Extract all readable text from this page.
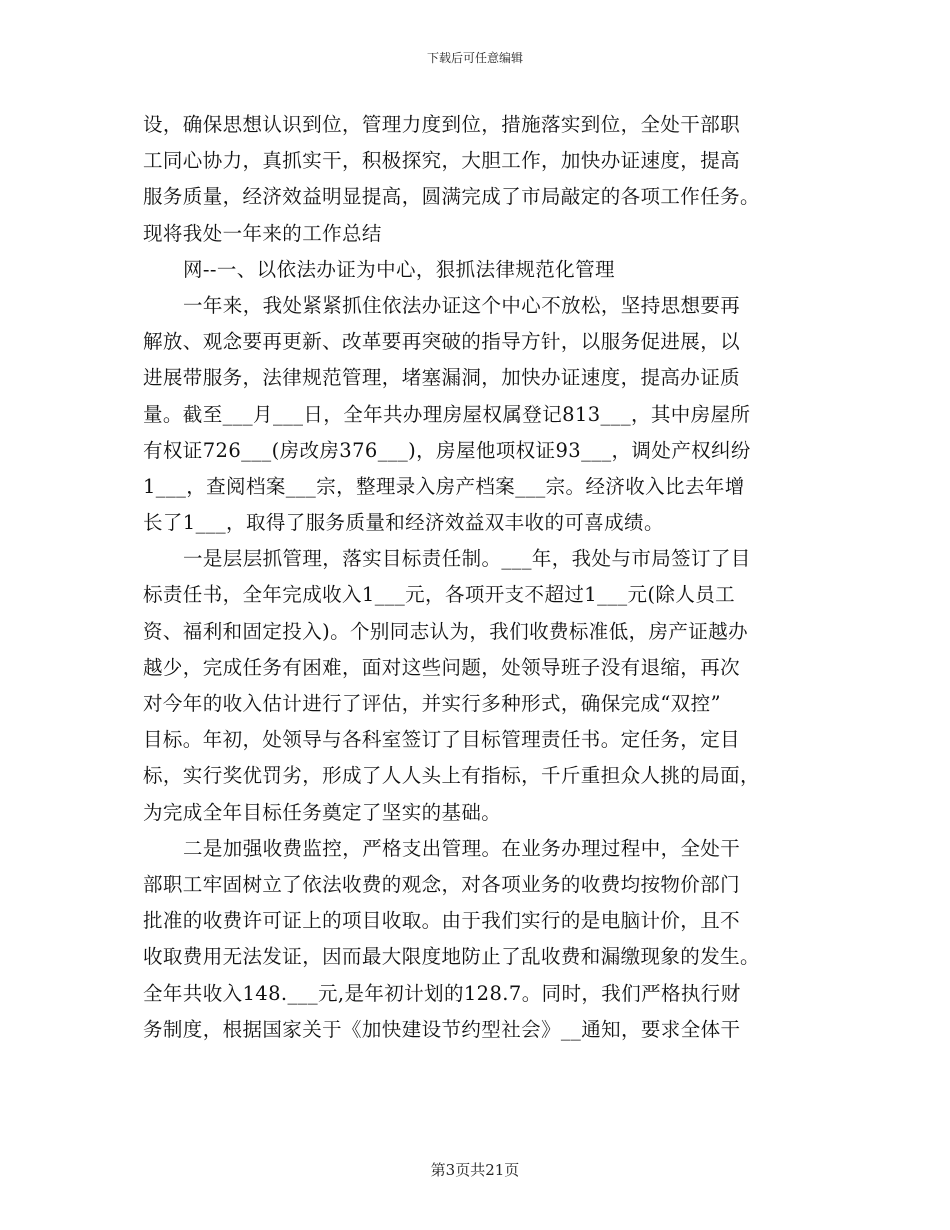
下载后可任意编辑
设，确保思想认识到位，管理力度到位，措施落实到位，全处干部职
工同心协力，真抓实干，积极探究，大胆工作，加快办证速度，提高
服务质量，经济效益明显提高，圆满完成了市局敲定的各项工作任务。
现将我处一年来的工作总结
网--一、以依法办证为中心，狠抓法律规范化管理
一年来，我处紧紧抓住依法办证这个中心不放松，坚持思想要再
解放、观念要再更新、改革要再突破的指导方针，以服务促进展，以
进展带服务，法律规范管理，堵塞漏洞，加快办证速度，提高办证质
量。截至___月___日，全年共办理房屋权属登记813___，其中房屋所
有权证726___(房改房376___)，房屋他项权证93___，调处产权纠纷
1___，查阅档案___宗，整理录入房产档案___宗。经济收入比去年增
长了1___，取得了服务质量和经济效益双丰收的可喜成绩。
一是层层抓管理，落实目标责任制。___年，我处与市局签订了目
标责任书，全年完成收入1___元，各项开支不超过1___元(除人员工
资、福利和固定投入)。个别同志认为，我们收费标准低，房产证越办
越少，完成任务有困难，面对这些问题，处领导班子没有退缩，再次
对今年的收入估计进行了评估，并实行多种形式，确保完成“双控”
目标。年初，处领导与各科室签订了目标管理责任书。定任务，定目
标，实行奖优罚劣，形成了人人头上有指标，千斤重担众人挑的局面，
为完成全年目标任务奠定了坚实的基础。
二是加强收费监控，严格支出管理。在业务办理过程中，全处干
部职工牢固树立了依法收费的观念，对各项业务的收费均按物价部门
批准的收费许可证上的项目收取。由于我们实行的是电脑计价，且不
收取费用无法发证，因而最大限度地防止了乱收费和漏缴现象的发生。
全年共收入148.___元,是年初计划的128.7。同时，我们严格执行财
务制度，根据国家关于《加快建设节约型社会》__通知，要求全体干
第3页共21页
